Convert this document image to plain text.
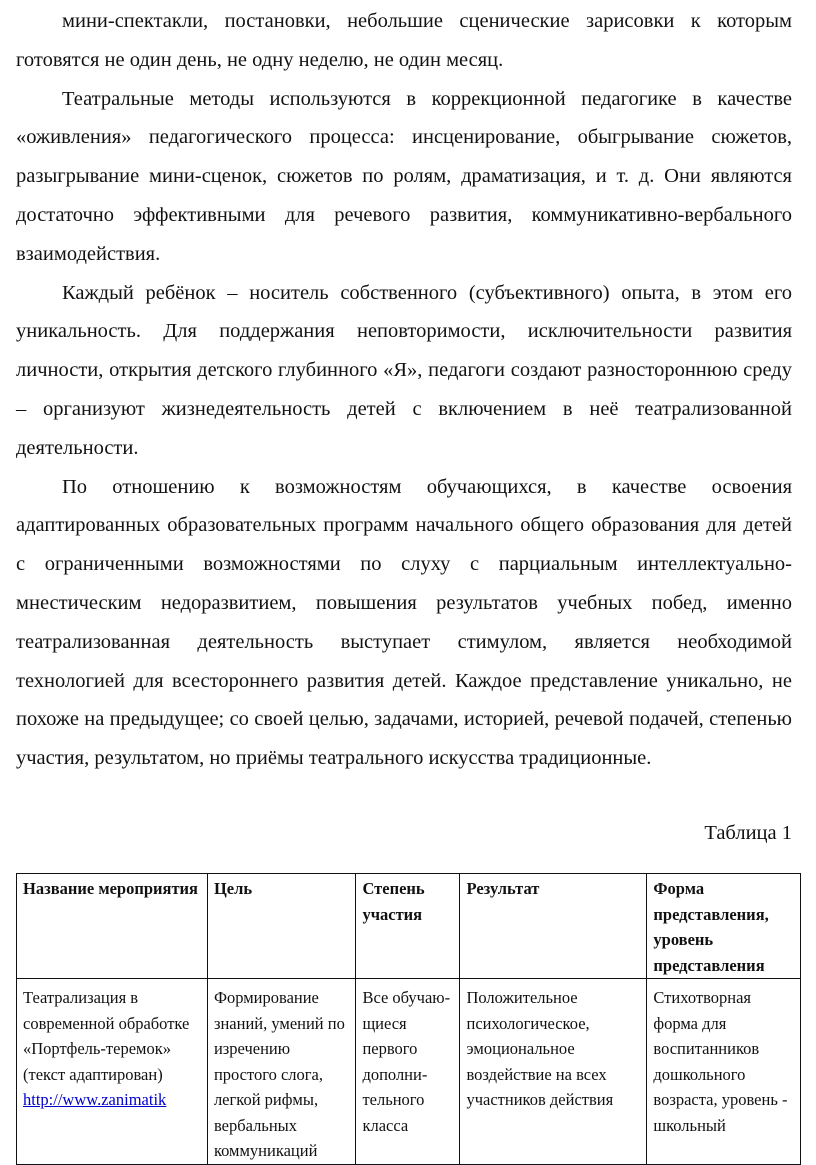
мини-спектакли, постановки, небольшие сценические зарисовки к которым готовятся не один день, не одну неделю, не один месяц.

Театральные методы используются в коррекционной педагогике в качестве «оживления» педагогического процесса: инсценирование, обыгрывание сюжетов, разыгрывание мини-сценок, сюжетов по ролям, драматизация, и т. д. Они являются достаточно эффективными для речевого развития, коммуникативно-вербального взаимодействия.

Каждый ребёнок – носитель собственного (субъективного) опыта, в этом его уникальность. Для поддержания неповторимости, исключительности развития личности, открытия детского глубинного «Я», педагоги создают разностороннюю среду – организуют жизнедеятельность детей с включением в неё театрализованной деятельности.

По отношению к возможностям обучающихся, в качестве освоения адаптированных образовательных программ начального общего образования для детей с ограниченными возможностями по слуху с парциальным интеллектуально-мнестическим недоразвитием, повышения результатов учебных побед, именно театрализованная деятельность выступает стимулом, является необходимой технологией для всестороннего развития детей. Каждое представление уникально, не похоже на предыдущее; со своей целью, задачами, историей, речевой подачей, степенью участия, результатом, но приёмы театрального искусства традиционные.

Таблица 1
Название мероприятия	Цель	Степень участия	Результат	Форма представления, уровень представления
Театрализация в современной обработке «Портфель-теремок» (текст адаптирован)
http://www.zanimatik	Формирование знаний, умений по изречению простого слога, легкой рифмы, вербальных коммуникаций	Все обучаю-щиеся первого дополни-тельного класса	Положительное психологическое, эмоциональное воздействие на всех участников действия	Стихотворная форма для воспитанников дошкольного возраста, уровень - школьный
